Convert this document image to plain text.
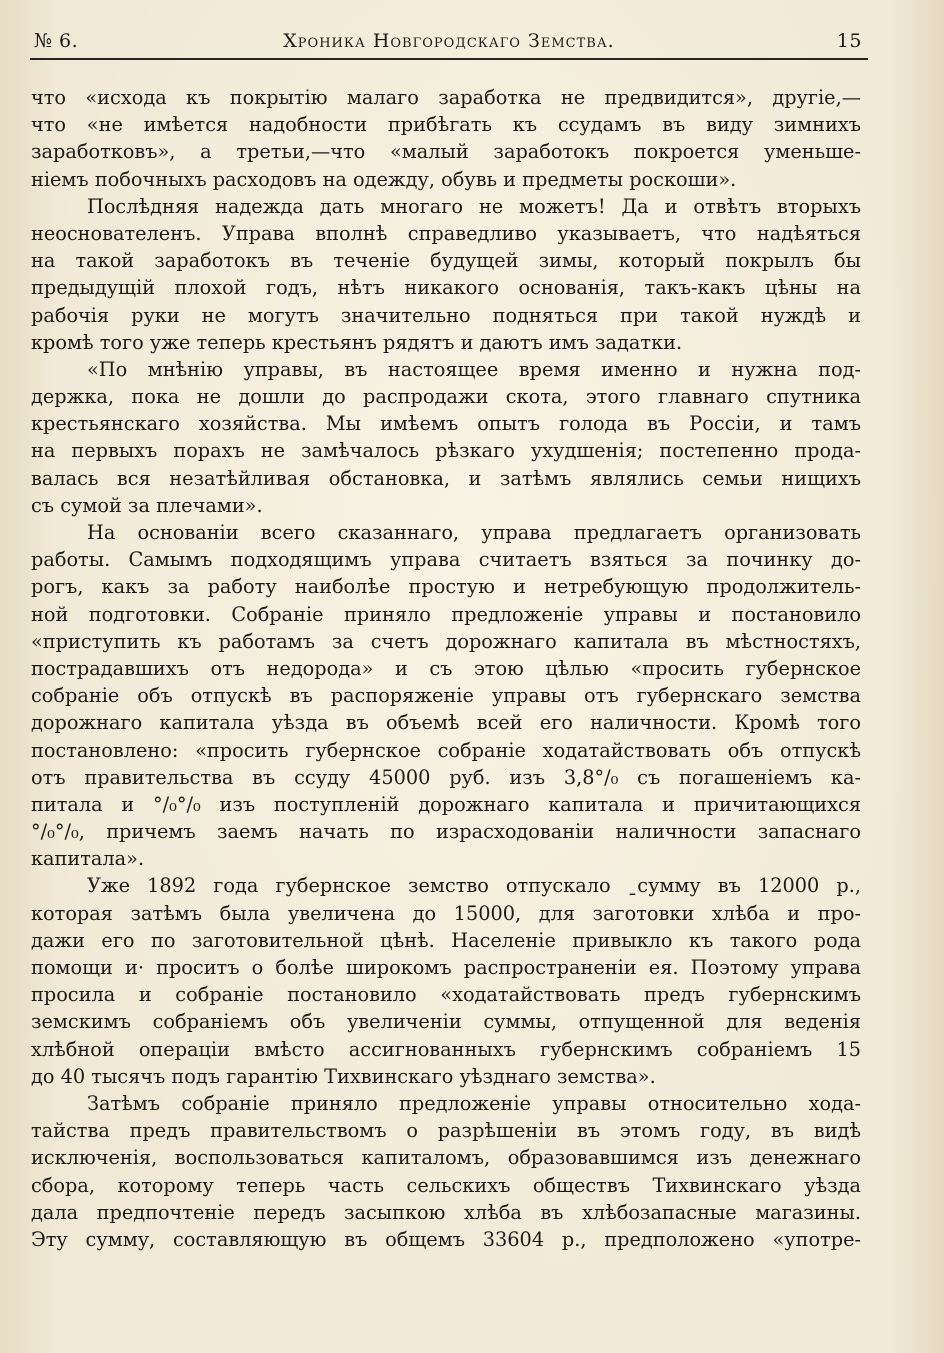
№ 6.	Хроника Новгородскаго Земства.	15
что «исхода къ покрытію малаго заработка не предвидится», другіе,—
что «не имѣется надобности прибѣгать къ ссудамъ въ виду зимнихъ
заработковъ», а третьи,—что «малый заработокъ покроется уменьше-
ніемъ побочныхъ расходовъ на одежду, обувь и предметы роскоши».
Послѣдняя надежда дать многаго не можетъ! Да и отвѣтъ вторыхъ
неоснователенъ. Управа вполнѣ справедливо указываетъ, что надѣяться
на такой заработокъ въ теченіе будущей зимы, который покрылъ бы
предыдущій плохой годъ, нѣтъ никакого основанія, такъ-какъ цѣны на
рабочія руки не могутъ значительно подняться при такой нуждѣ и
кромѣ того уже теперь крестьянъ рядятъ и даютъ имъ задатки.
«По мнѣнію управы, въ настоящее время именно и нужна под-
держка, пока не дошли до распродажи скота, этого главнаго спутника
крестьянскаго хозяйства. Мы имѣемъ опытъ голода въ Россіи, и тамъ
на первыхъ порахъ не замѣчалось рѣзкаго ухудшенія; постепенно прода-
валась вся незатѣйливая обстановка, и затѣмъ являлись семьи нищихъ
съ сумой за плечами».
На основаніи всего сказаннаго, управа предлагаетъ организовать
работы. Самымъ подходящимъ управа считаетъ взяться за починку до-
рогъ, какъ за работу наиболѣе простую и нетребующую продолжитель-
ной подготовки. Собраніе приняло предложеніе управы и постановило
«приступить къ работамъ за счетъ дорожнаго капитала въ мѣстностяхъ,
пострадавшихъ отъ недорода» и съ этою цѣлью «просить губернское
собраніе объ отпускѣ въ распоряженіе управы отъ губернскаго земства
дорожнаго капитала уѣзда въ объемѣ всей его наличности. Кромѣ того
постановлено: «просить губернское собраніе ходатайствовать объ отпускѣ
отъ правительства въ ссуду 45000 руб. изъ 3,8°/₀ съ погашеніемъ ка-
питала и °/₀°/₀ изъ поступленій дорожнаго капитала и причитающихся
°/₀°/₀, причемъ заемъ начать по израсходованіи наличности запаснаго
капитала».
Уже 1892 года губернское земство отпускало ˍсумму въ 12000 р.,
которая затѣмъ была увеличена до 15000, для заготовки хлѣба и про-
дажи его по заготовительной цѣнѣ. Населеніе привыкло къ такого рода
помощи и· проситъ о болѣе широкомъ распространеніи ея. Поэтому управа
просила и собраніе постановило «ходатайствовать предъ губернскимъ
земскимъ собраніемъ объ увеличеніи суммы, отпущенной для веденія
хлѣбной операціи вмѣсто ассигнованныхъ губернскимъ собраніемъ 15
до 40 тысячъ подъ гарантію Тихвинскаго уѣзднаго земства».
Затѣмъ собраніе приняло предложеніе управы относительно хода-
тайства предъ правительствомъ о разрѣшеніи въ этомъ году, въ видѣ
исключенія, воспользоваться капиталомъ, образовавшимся изъ денежнаго
сбора, которому теперь часть сельскихъ обществъ Тихвинскаго уѣзда
дала предпочтеніе передъ засыпкою хлѣба въ хлѣбозапасные магазины.
Эту сумму, составляющую въ общемъ 33604 р., предположено «употре-
